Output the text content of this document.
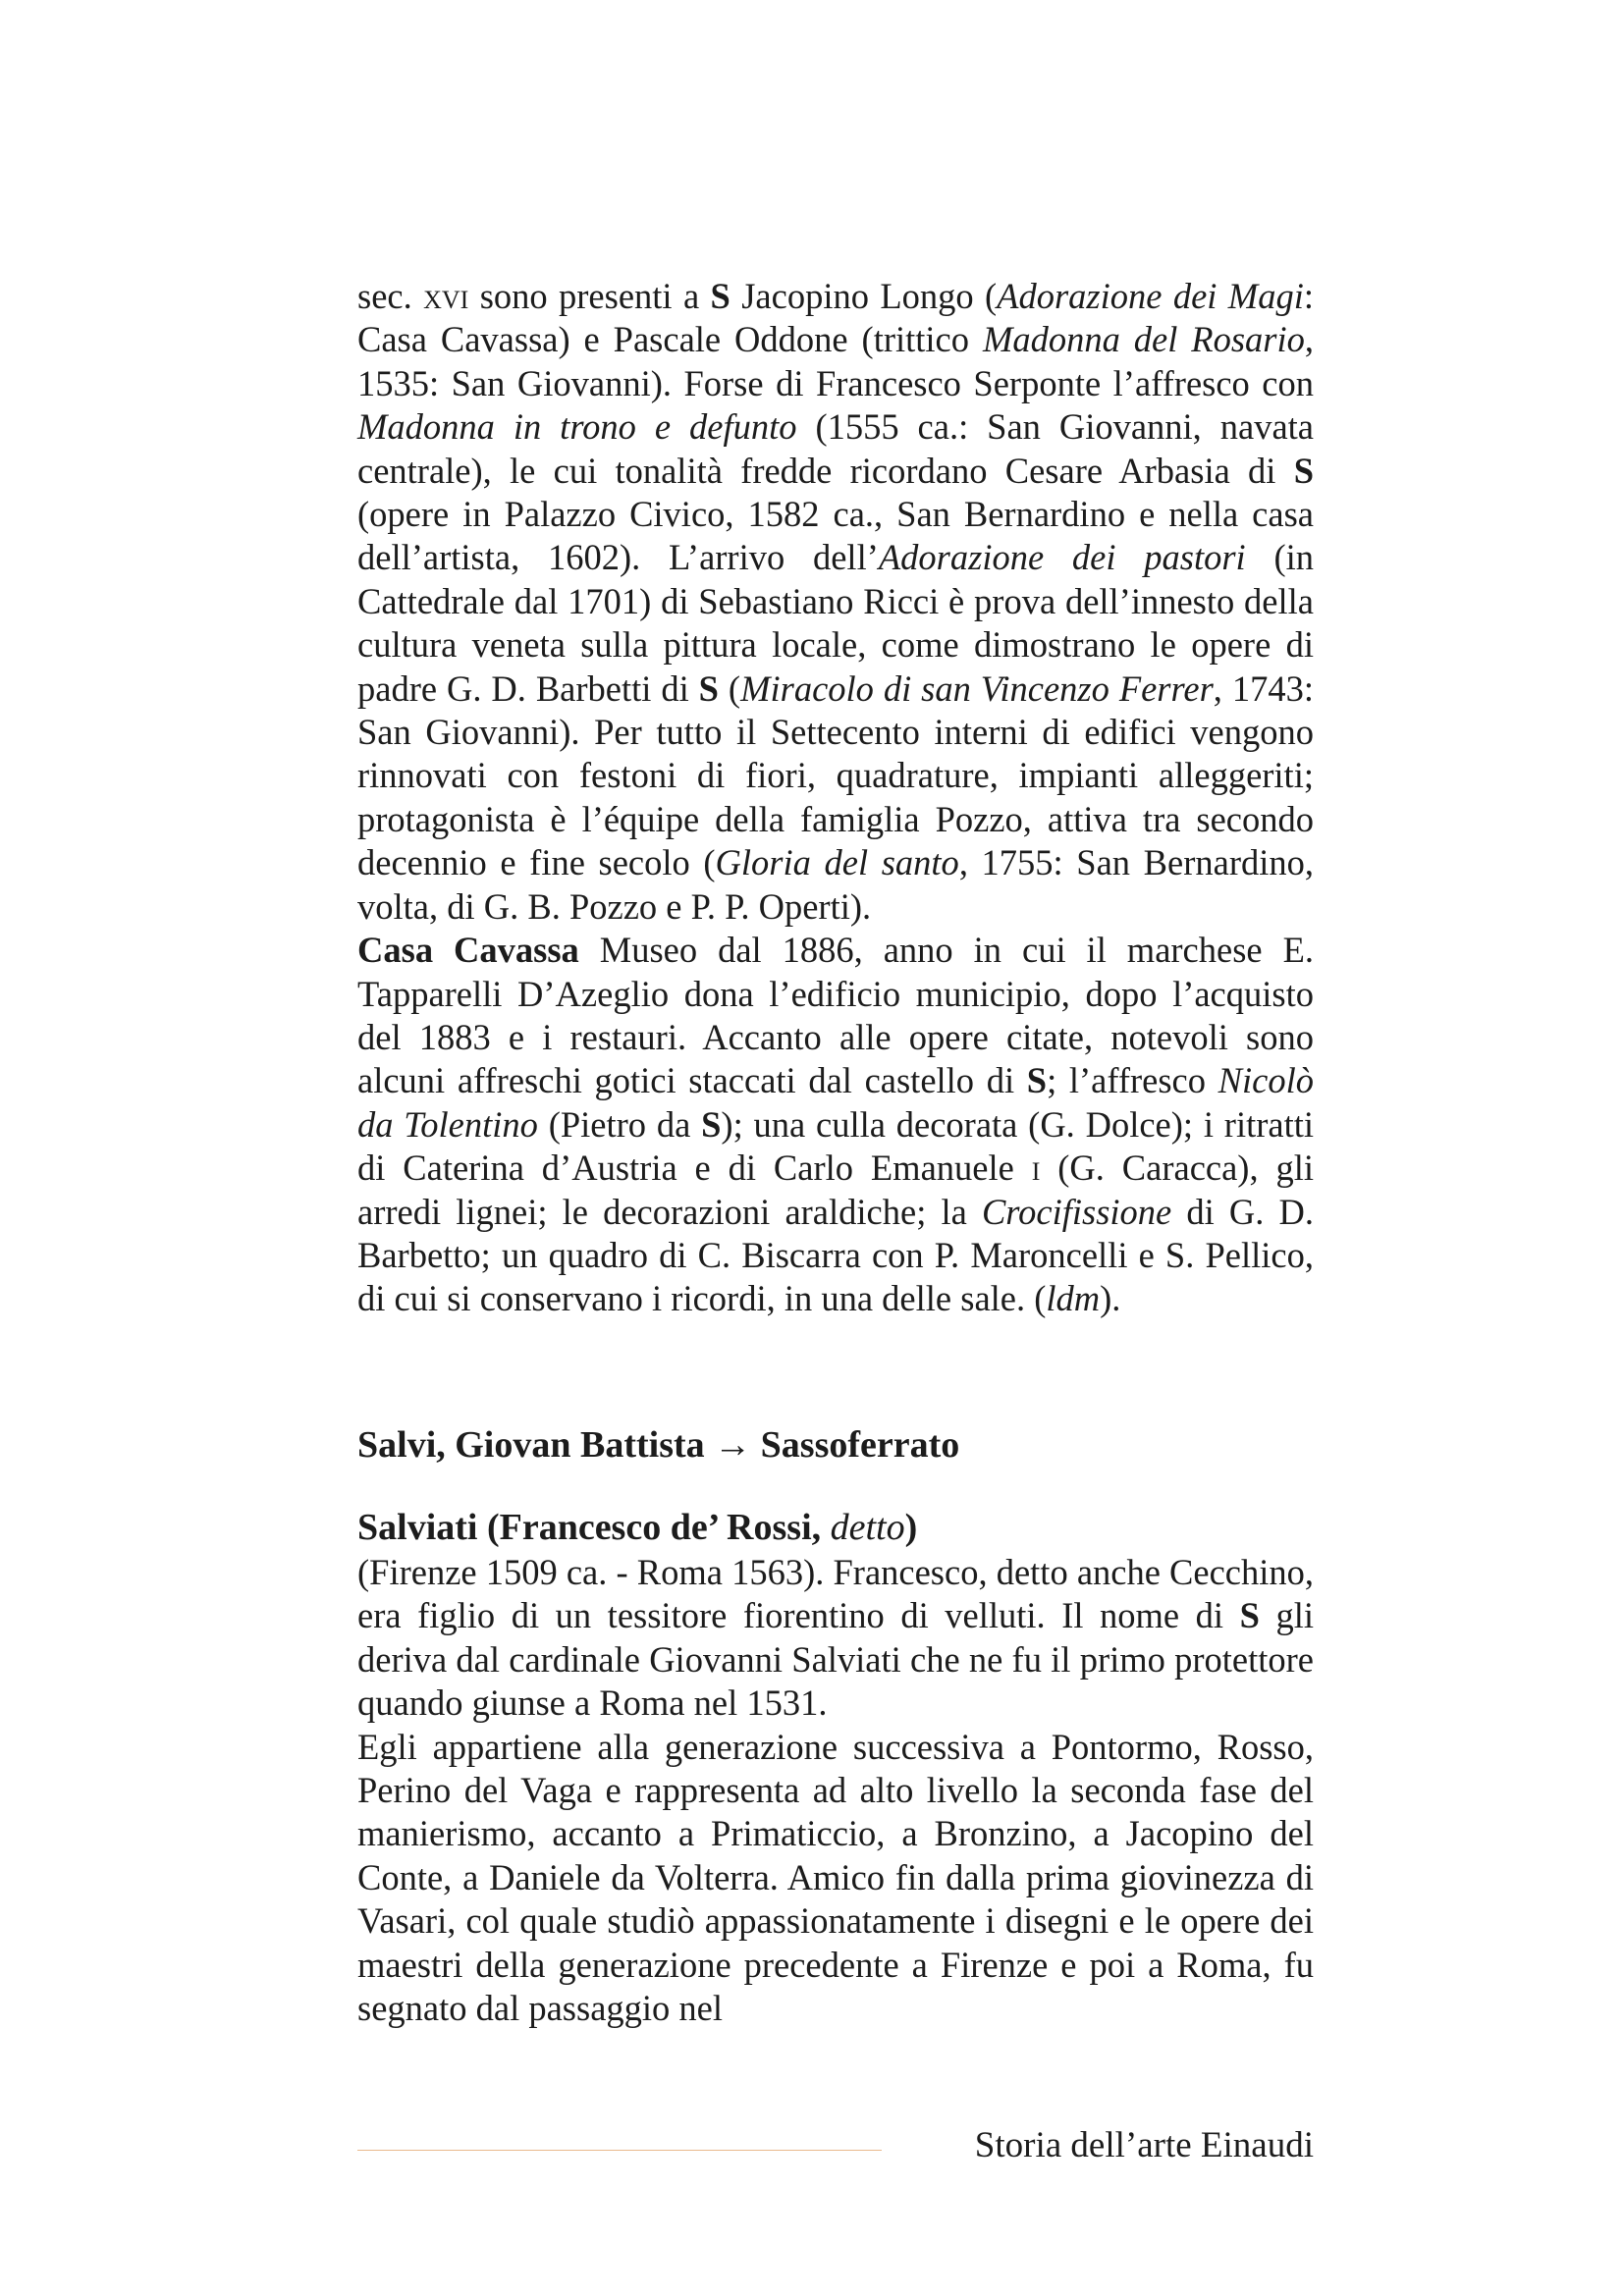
sec. xvi sono presenti a S Jacopino Longo (Adorazione dei Magi: Casa Cavassa) e Pascale Oddone (trittico Madonna del Rosario, 1535: San Giovanni). Forse di Francesco Serponte l’affresco con Madonna in trono e defunto (1555 ca.: San Giovanni, navata centrale), le cui tonalità fredde ricordano Cesare Arbasia di S (opere in Palazzo Civico, 1582 ca., San Bernardino e nella casa dell’artista, 1602). L’arrivo dell’Adorazione dei pastori (in Cattedrale dal 1701) di Sebastiano Ricci è prova dell’innesto della cultura veneta sulla pittura locale, come dimostrano le opere di padre G. D. Barbetti di S (Miracolo di san Vincenzo Ferrer, 1743: San Giovanni). Per tutto il Settecento interni di edifici vengono rinnovati con festoni di fiori, quadrature, impianti alleggeriti; protagonista è l’équipe della famiglia Pozzo, attiva tra secondo decennio e fine secolo (Gloria del santo, 1755: San Bernardino, volta, di G. B. Pozzo e P. P. Operti).

Casa Cavassa Museo dal 1886, anno in cui il marchese E. Tapparelli D’Azeglio dona l’edificio municipio, dopo l’acquisto del 1883 e i restauri. Accanto alle opere citate, notevoli sono alcuni affreschi gotici staccati dal castello di S; l’affresco Nicolò da Tolentino (Pietro da S); una culla decorata (G. Dolce); i ritratti di Caterina d’Austria e di Carlo Emanuele i (G. Caracca), gli arredi lignei; le decorazioni araldiche; la Crocifissione di G. D. Barbetto; un quadro di C. Biscarra con P. Maroncelli e S. Pellico, di cui si conservano i ricordi, in una delle sale. (ldm).

Salvi, Giovan Battista → Sassoferrato
Salviati (Francesco de’ Rossi, detto)

(Firenze 1509 ca. - Roma 1563). Francesco, detto anche Cecchino, era figlio di un tessitore fiorentino di velluti. Il nome di S gli deriva dal cardinale Giovanni Salviati che ne fu il primo protettore quando giunse a Roma nel 1531.

Egli appartiene alla generazione successiva a Pontormo, Rosso, Perino del Vaga e rappresenta ad alto livello la seconda fase del manierismo, accanto a Primaticcio, a Bronzino, a Jacopino del Conte, a Daniele da Volterra. Amico fin dalla prima giovinezza di Vasari, col quale studiò appassionatamente i disegni e le opere dei maestri della generazione precedente a Firenze e poi a Roma, fu segnato dal passaggio nel

Storia dell’arte Einaudi
